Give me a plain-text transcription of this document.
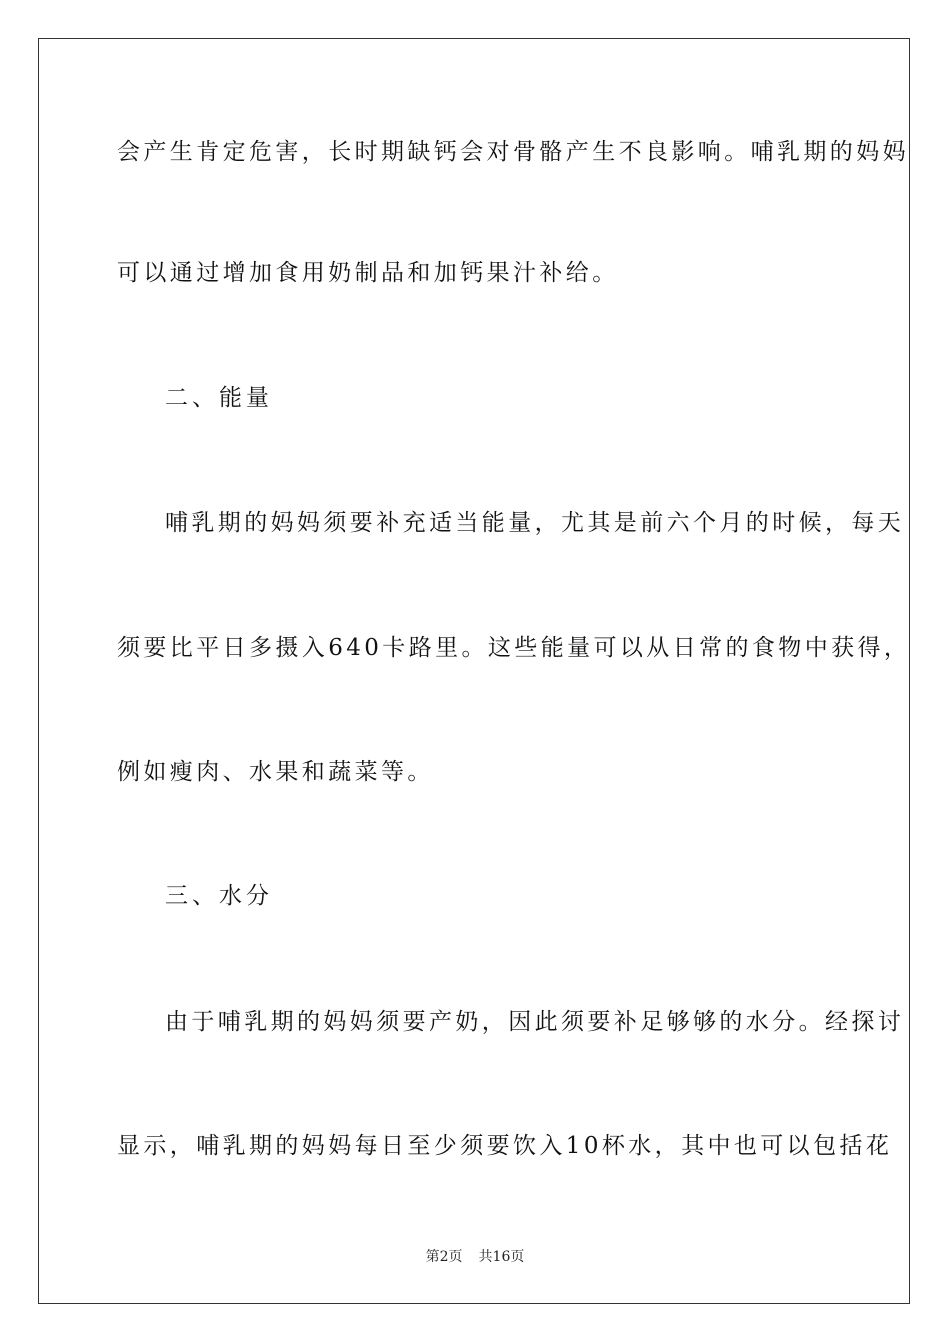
会产生肯定危害，长时期缺钙会对骨骼产生不良影响。哺乳期的妈妈
可以通过增加食用奶制品和加钙果汁补给。
二、能量
哺乳期的妈妈须要补充适当能量，尤其是前六个月的时候，每天
须要比平日多摄入640卡路里。这些能量可以从日常的食物中获得，
例如瘦肉、水果和蔬菜等。
三、水分
由于哺乳期的妈妈须要产奶，因此须要补足够够的水分。经探讨
显示，哺乳期的妈妈每日至少须要饮入10杯水，其中也可以包括花
第2页 共16页
